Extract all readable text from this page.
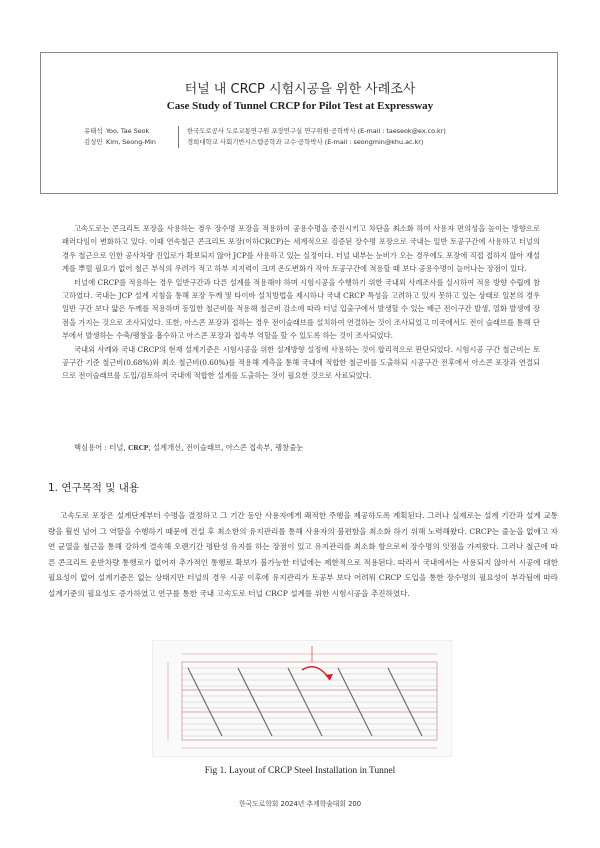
터널 내 CRCP 시험시공을 위한 사례조사
Case Study of Tunnel CRCP for Pilot Test at Expressway
유태석 Yoo, Tae Seok	한국도로공사 도로교통연구원 포장연구실 연구위원·공학박사 (E-mail : taeseok@ex.co.kr)
김성민 Kim, Seong-Min	경희대학교 사회기반시스템공학과 교수·공학박사 (E-mail : seongmin@khu.ac.kr)

고속도로는 콘크리트 포장을 사용하는 경우 장수명 포장을 적용하여 공용수명을 증진시키고 차단을 최소화 하여 사용자 편의성을 높이는 방향으로 패러다임이 변화하고 있다. 이때 연속철근 콘크리트 포장(이하CRCP)는 세계적으로 검증된 장수명 포장으로 국내는 일반 토공구간에 사용하고 터널의 경우 철근으로 인한 공사차량 진입로가 확보되지 않아 JCP를 사용하고 있는 실정이다. 터널 내부는 눈비가 오는 경우에도 포장에 직접 접하지 않아 재설계를 뿌릴 필요가 없어 철근 부식의 우려가 적고 하부 지지력이 크며 온도변화가 작아 토공구간에 적용할 때 보다 공용수명이 늘어나는 장점이 있다.

터널에 CRCP를 적용하는 경우 일반구간과 다른 설계를 적용해야 하며 시험시공을 수행하기 위한 국내외 사례조사를 실시하여 적용 방향 수립에 참고하였다. 국내는 JCP 설계 지침을 통해 포장 두께 및 타이바 설치방법을 제시하나 국내 CRCP 특성을 고려하고 있지 못하고 있는 상태로 일본의 경우 일반 구간 보다 얇은 두께를 적용하며 동일한 철근비를 적용해 철근비 감소에 따라 터널 입출구에서 발생할 수 있는 배근 전이구간 발생, 열화 발생에 장점을 가지는 것으로 조사되었다. 또한, 아스콘 포장과 접하는 경우 전이슬래브를 설치하여 연결하는 것이 조사되었고 미국에서도 전이 슬래브를 통해 단부에서 발생하는 수축/팽창을 흡수하고 아스콘 포장과 접속부 역할을 할 수 있도록 하는 것이 조사되었다.

국내외 사례와 국내 CRCP의 현재 설계기준은 시험시공을 위한 설계방향 설정에 사용하는 것이 합리적으로 판단되었다. 시험시공 구간 철근비는 토공구간 기준 철근비(0.68%)와 최소 철근비(0.60%)를 적용해 계측을 통해 국내에 적합한 철근비를 도출하되 시공구간 전후에서 아스콘 포장과 연결되므로 전이슬래브를 도입/검토하여 국내에 적합한 설계를 도출하는 것이 필요한 것으로 사료되었다.

핵심용어 : 터널, CRCP, 설계개선, 전이슬래브, 아스콘 접속부, 팽창줄눈
1. 연구목적 및 내용

고속도로 포장은 설계단계부터 수명을 결정하고 그 기간 동안 사용자에게 쾌적한 주행을 제공하도록 계획된다. 그러나 실제로는 설계 기간과 설계 교통량을 훨씬 넘어 그 역할을 수행하기 때문에 건설 후 최소한의 유지관리를 통해 사용자의 불편함을 최소화 하기 위해 노력해왔다. CRCP는 줄눈을 없애고 자연 균열을 철근을 통해 강하게 결속해 오랜기간 평탄성 유지를 하는 장점이 있고 유지관리를 최소화 함으로써 장수명의 잇점을 가져왔다. 그러나 철근에 따른 콘크리트 운반차량 통행로가 없어져 추가적인 통행로 확보가 불가능한 터널에는 제한적으로 적용된다. 따라서 국내에서는 사용되지 않아서 시공에 대한 필요성이 없어 설계기준은 없는 상태지만 터널의 경우 시공 이후에 유지관리가 토공부 보다 어려워 CRCP 도입을 통한 장수명의 필요성이 부각됨에 따라 설계기준의 필요성도 증가하였고 연구를 통한 국내 고속도로 터널 CRCP 설계를 위한 시험시공을 추진하였다.

Fig 1. Layout of CRCP Steel Installation in Tunnel
한국도로학회 2024년 추계학술대회 200
